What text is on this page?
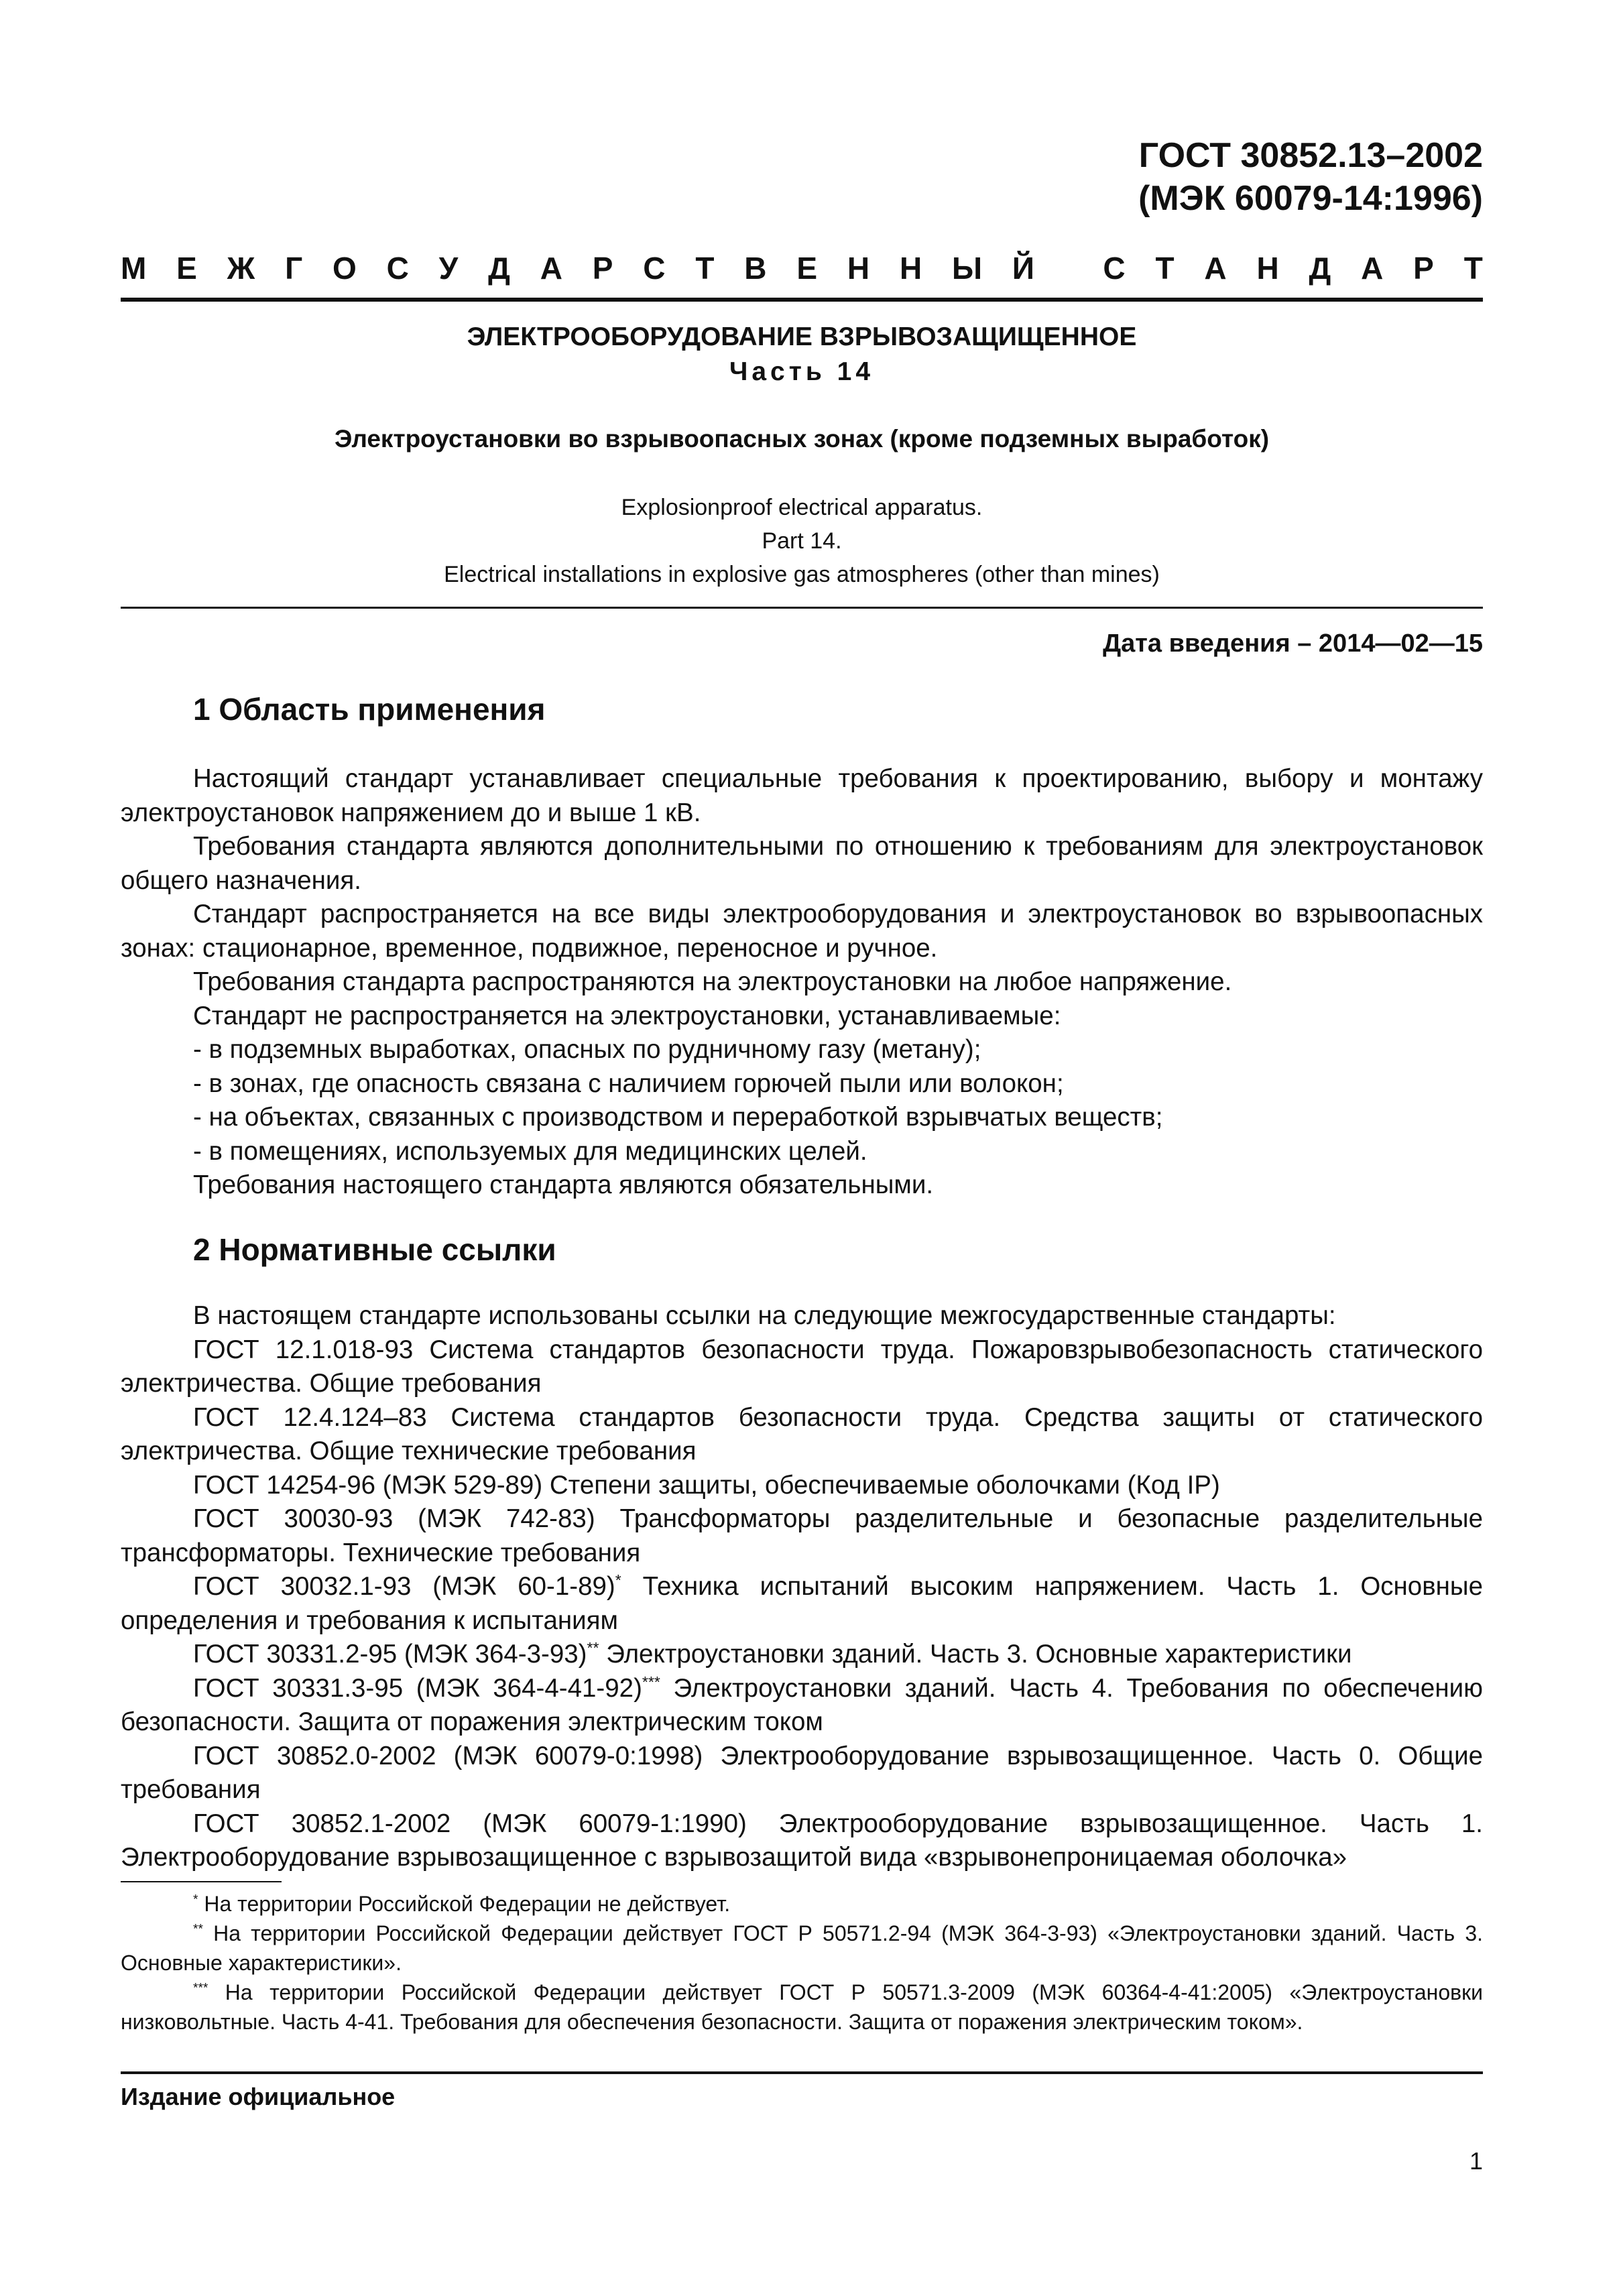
ГОСТ 30852.13–2002
(МЭК 60079-14:1996)
М Е Ж Г О С У Д А Р С Т В Е Н Н Ы Й
С Т А Н Д А Р Т
ЭЛЕКТРООБОРУДОВАНИЕ ВЗРЫВОЗАЩИЩЕННОЕ
Часть 14
Электроустановки во взрывоопасных зонах (кроме подземных выработок)
Explosionproof electrical apparatus.
Part 14.
Electrical installations in explosive gas atmospheres (other than mines)
Дата введения – 2014—02—15
1 Область применения

Настоящий стандарт устанавливает специальные требования к проектированию, выбору и монтажу электроустановок напряжением до и выше 1 кВ.

Требования стандарта являются дополнительными по отношению к требованиям для электроустановок общего назначения.

Стандарт распространяется на все виды электрооборудования и электроустановок во взрывоопасных зонах: стационарное, временное, подвижное, переносное и ручное.

Требования стандарта распространяются на электроустановки на любое напряжение.

Стандарт не распространяется на электроустановки, устанавливаемые:

- в подземных выработках, опасных по рудничному газу (метану);

- в зонах, где опасность связана с наличием горючей пыли или волокон;

- на объектах, связанных с производством и переработкой взрывчатых веществ;

- в помещениях, используемых для медицинских целей.

Требования настоящего стандарта являются обязательными.

2 Нормативные ссылки

В настоящем стандарте использованы ссылки на следующие межгосударственные стандарты:

ГОСТ 12.1.018-93 Система стандартов безопасности труда. Пожаровзрывобезопасность статического электричества. Общие требования

ГОСТ 12.4.124–83 Система стандартов безопасности труда. Средства защиты от статического электричества. Общие технические требования

ГОСТ 14254-96 (МЭК 529-89) Степени защиты, обеспечиваемые оболочками (Код IP)

ГОСТ 30030-93 (МЭК 742-83) Трансформаторы разделительные и безопасные разделительные трансформаторы. Технические требования

ГОСТ 30032.1-93 (МЭК 60-1-89)* Техника испытаний высоким напряжением. Часть 1. Основные определения и требования к испытаниям

ГОСТ 30331.2-95 (МЭК 364-3-93)** Электроустановки зданий. Часть 3. Основные характеристики

ГОСТ 30331.3-95 (МЭК 364-4-41-92)*** Электроустановки зданий. Часть 4. Требования по обеспечению безопасности. Защита от поражения электрическим током

ГОСТ 30852.0-2002 (МЭК 60079-0:1998) Электрооборудование взрывозащищенное. Часть 0. Общие требования

ГОСТ 30852.1-2002 (МЭК 60079-1:1990) Электрооборудование взрывозащищенное. Часть 1. Электрооборудование взрывозащищенное с взрывозащитой вида «взрывонепроницаемая оболочка»

* На территории Российской Федерации не действует.

** На территории Российской Федерации действует ГОСТ Р 50571.2-94 (МЭК 364-3-93) «Электроустановки зданий. Часть 3. Основные характеристики».

*** На территории Российской Федерации действует ГОСТ Р 50571.3-2009 (МЭК 60364-4-41:2005) «Электроустановки низковольтные. Часть 4-41. Требования для обеспечения безопасности. Защита от поражения электрическим током».

Издание официальное
1
